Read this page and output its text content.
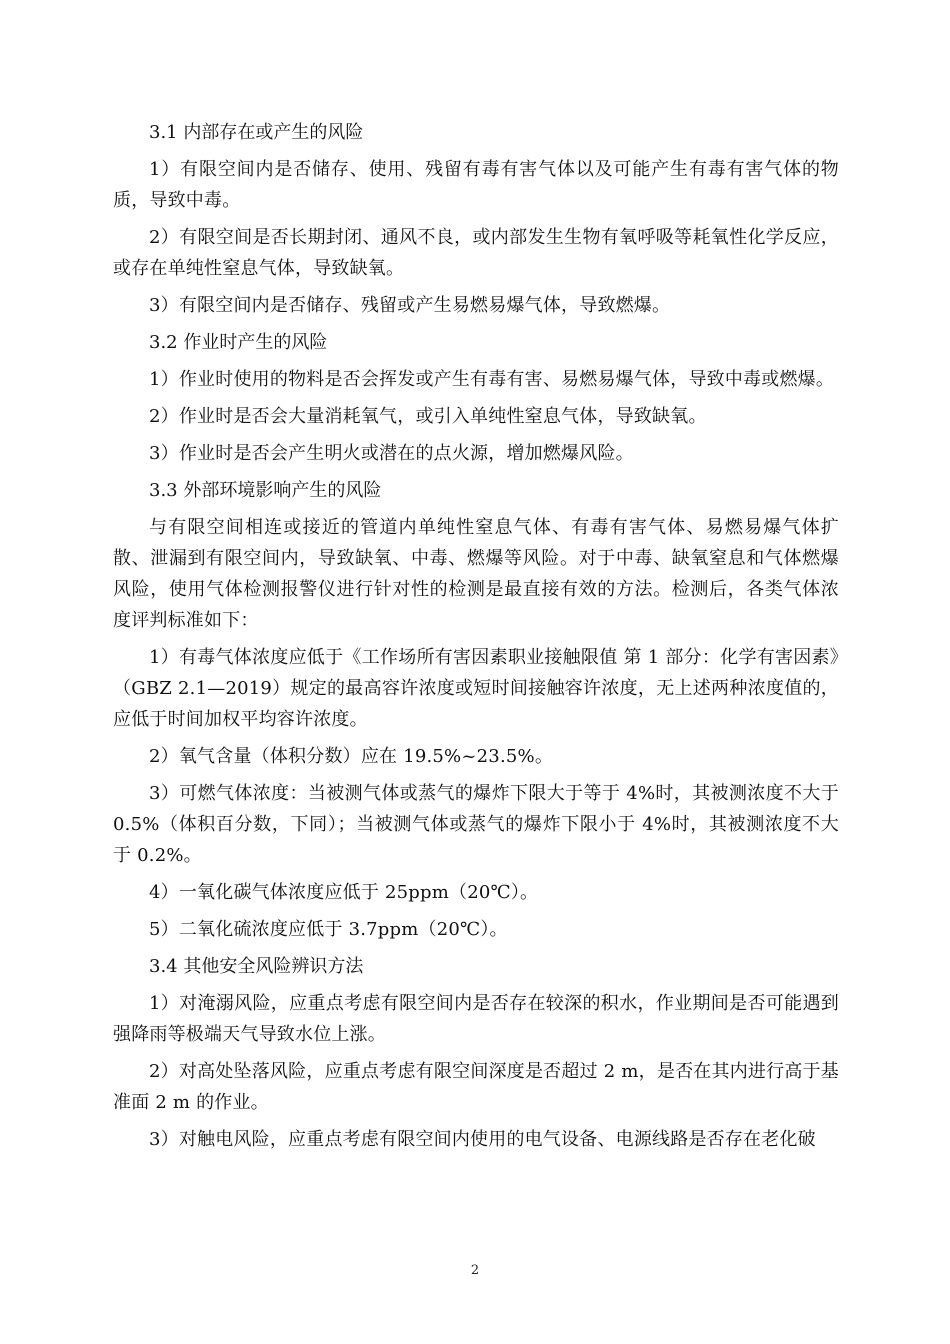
3.1 内部存在或产生的风险

1）有限空间内是否储存、使用、残留有毒有害气体以及可能产生有毒有害气体的物质，导致中毒。

2）有限空间是否长期封闭、通风不良，或内部发生生物有氧呼吸等耗氧性化学反应，或存在单纯性窒息气体，导致缺氧。

3）有限空间内是否储存、残留或产生易燃易爆气体，导致燃爆。

3.2 作业时产生的风险

1）作业时使用的物料是否会挥发或产生有毒有害、易燃易爆气体，导致中毒或燃爆。

2）作业时是否会大量消耗氧气，或引入单纯性窒息气体，导致缺氧。

3）作业时是否会产生明火或潜在的点火源，增加燃爆风险。

3.3 外部环境影响产生的风险

与有限空间相连或接近的管道内单纯性窒息气体、有毒有害气体、易燃易爆气体扩散、泄漏到有限空间内，导致缺氧、中毒、燃爆等风险。对于中毒、缺氧窒息和气体燃爆风险，使用气体检测报警仪进行针对性的检测是最直接有效的方法。检测后，各类气体浓度评判标准如下：

1）有毒气体浓度应低于《工作场所有害因素职业接触限值 第 1 部分：化学有害因素》（GBZ 2.1—2019）规定的最高容许浓度或短时间接触容许浓度，无上述两种浓度值的，应低于时间加权平均容许浓度。

2）氧气含量（体积分数）应在 19.5%~23.5%。

3）可燃气体浓度：当被测气体或蒸气的爆炸下限大于等于 4%时，其被测浓度不大于 0.5%（体积百分数，下同）；当被测气体或蒸气的爆炸下限小于 4%时，其被测浓度不大于 0.2%。

4）一氧化碳气体浓度应低于 25ppm（20℃）。

5）二氧化硫浓度应低于 3.7ppm（20℃）。

3.4 其他安全风险辨识方法

1）对淹溺风险，应重点考虑有限空间内是否存在较深的积水，作业期间是否可能遇到强降雨等极端天气导致水位上涨。

2）对高处坠落风险，应重点考虑有限空间深度是否超过 2 m，是否在其内进行高于基准面 2 m 的作业。

3）对触电风险，应重点考虑有限空间内使用的电气设备、电源线路是否存在老化破

2
